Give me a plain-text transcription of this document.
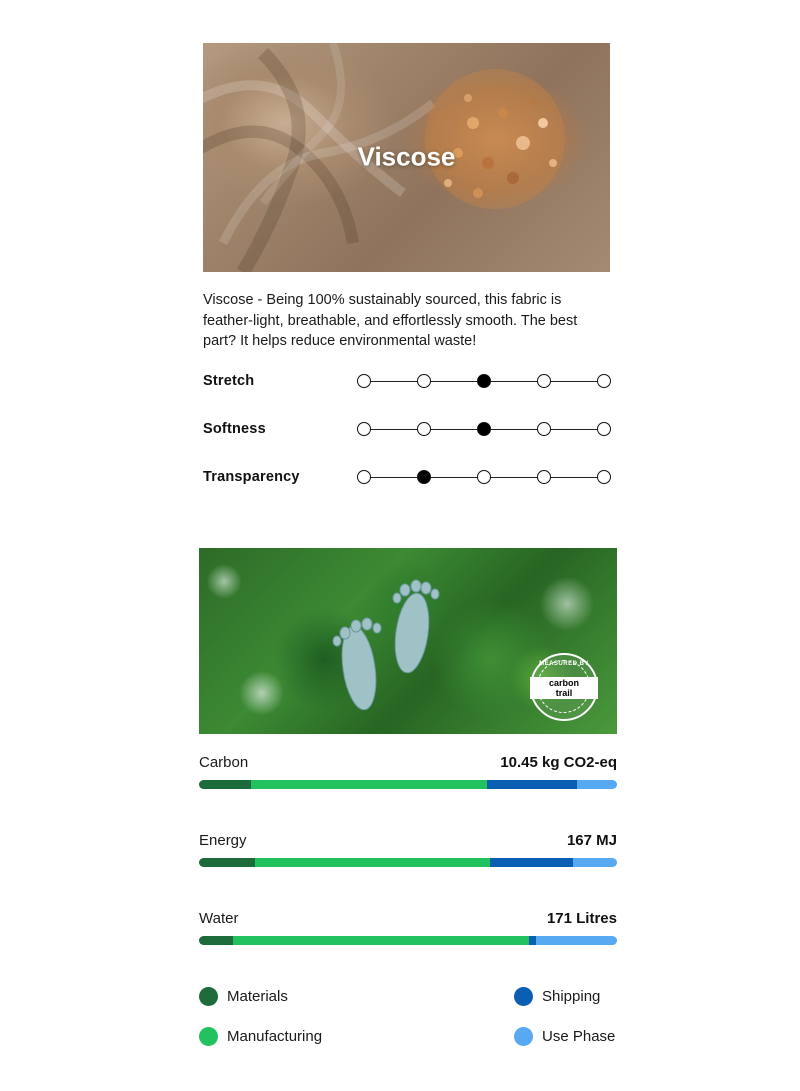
Viscose
Viscose - Being 100% sustainably sourced, this fabric is feather-light, breathable, and effortlessly smooth. The best part? It helps reduce environmental waste!
Stretch
Softness
Transparency
MEASURED BY
carbon
trail
Carbon	10.45 kg CO2-eq
Energy	167 MJ
Water	171 Litres
Materials	Shipping
Manufacturing	Use Phase
